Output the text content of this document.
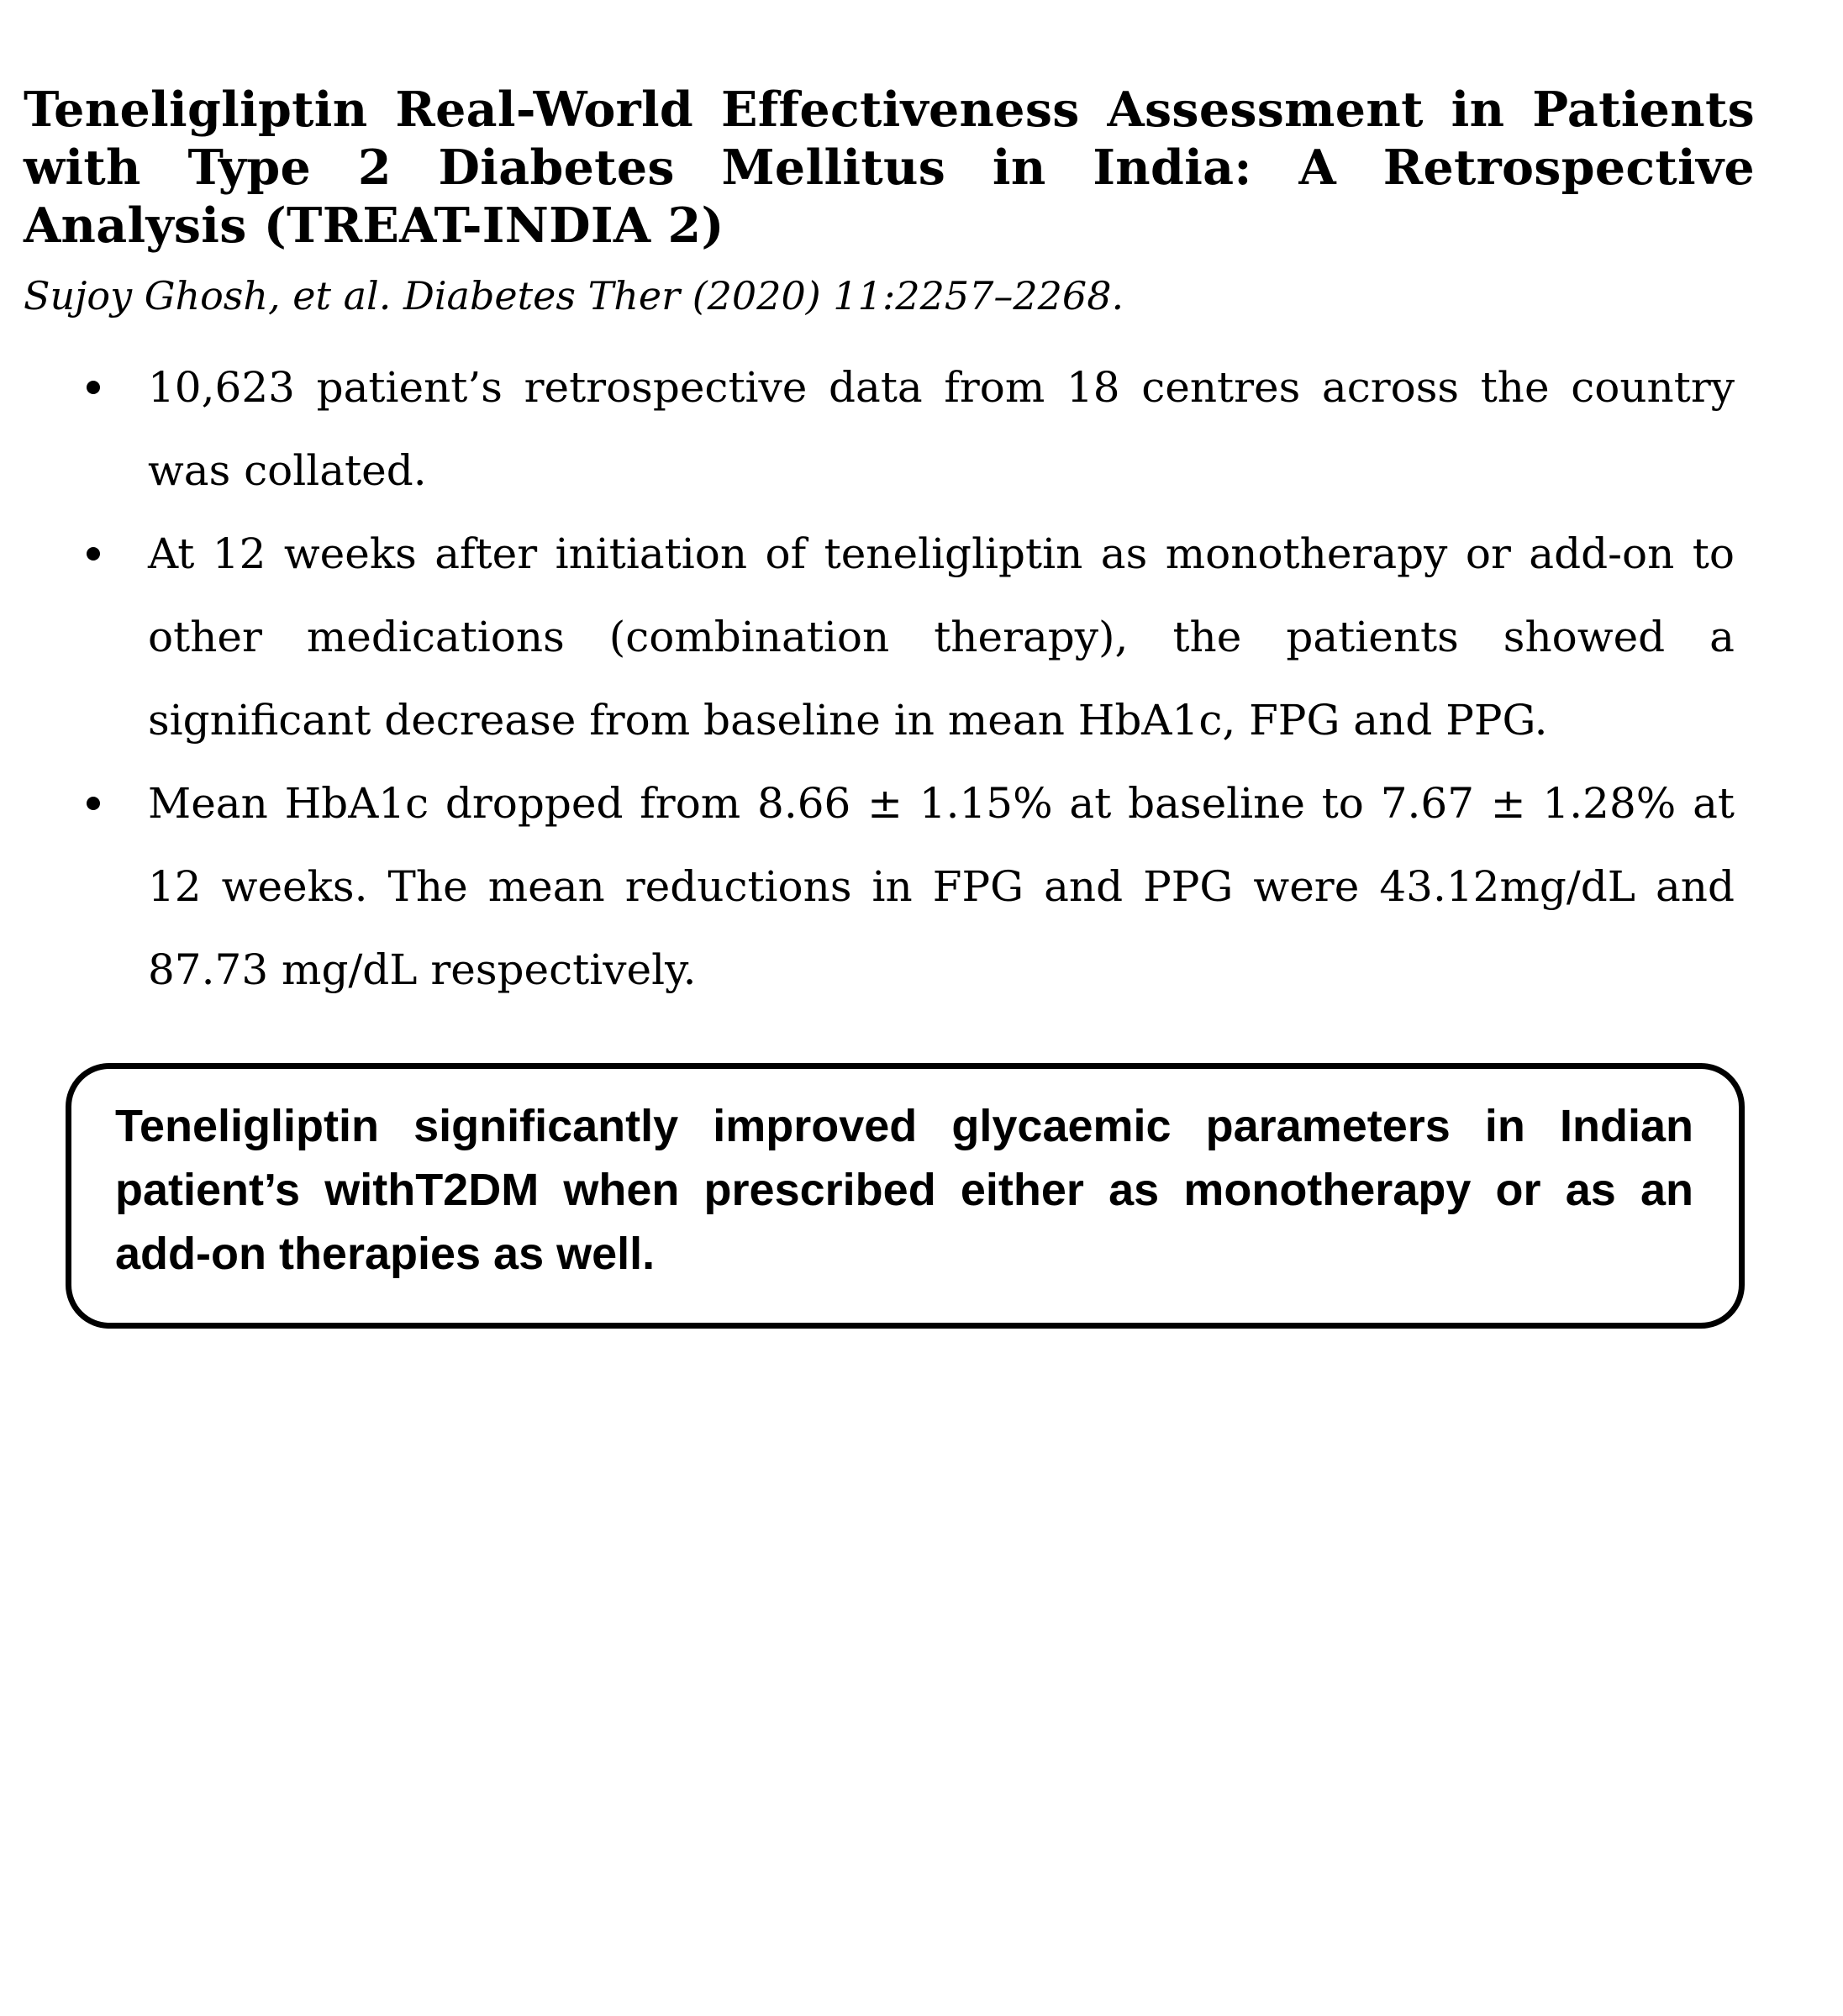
Teneligliptin Real-World Effectiveness Assessment in Patients with Type 2 Diabetes Mellitus in India: A Retrospective Analysis (TREAT-INDIA 2)

Sujoy Ghosh, et al. Diabetes Ther (2020) 11:2257–2268.

10,623 patient’s retrospective data from 18 centres across the country was collated.
At 12 weeks after initiation of teneligliptin as monotherapy or add-on to other medications (combination therapy), the patients showed a significant decrease from baseline in mean HbA1c, FPG and PPG.
Mean HbA1c dropped from 8.66 ± 1.15% at baseline to 7.67 ± 1.28% at 12 weeks. The mean reductions in FPG and PPG were 43.12mg/dL and 87.73 mg/dL respectively.

Teneligliptin significantly improved glycaemic parameters in Indian patient’s withT2DM when prescribed either as monotherapy or as an add-on therapies as well.
